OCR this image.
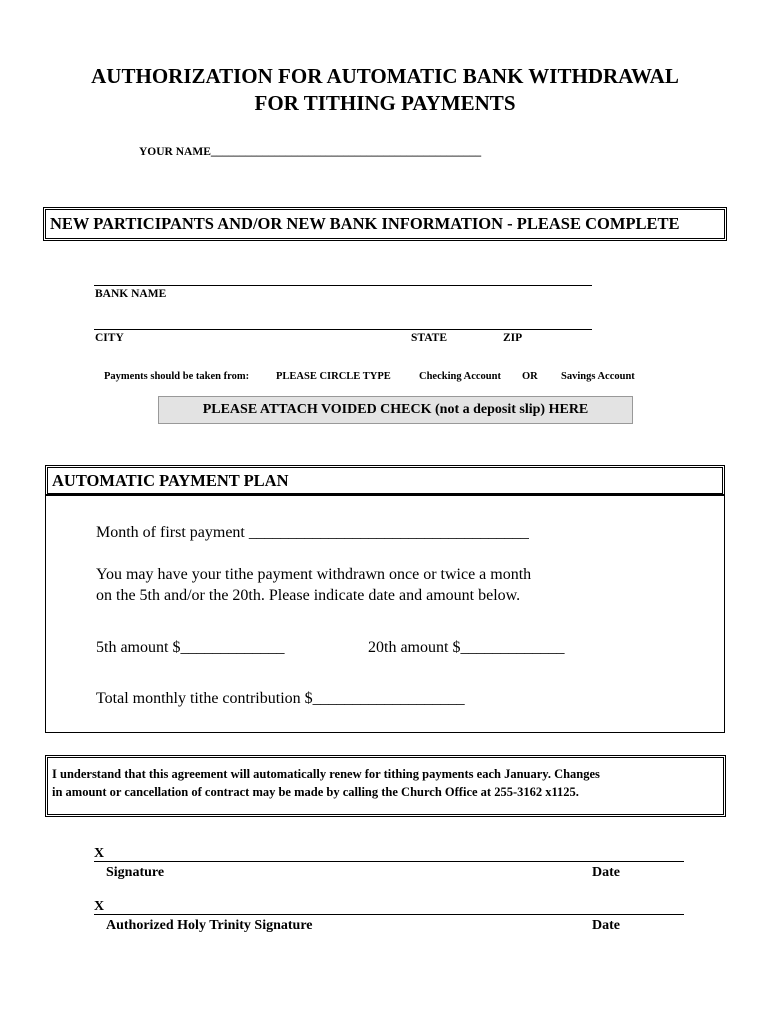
AUTHORIZATION FOR AUTOMATIC BANK WITHDRAWAL
FOR TITHING PAYMENTS
YOUR NAME_______________________________________________
NEW PARTICIPANTS AND/OR NEW BANK INFORMATION - PLEASE COMPLETE
BANK NAME
CITY	STATE	ZIP
Payments should be taken from:	PLEASE CIRCLE TYPE	Checking Account OR Savings Account
PLEASE ATTACH VOIDED CHECK (not a deposit slip) HERE
AUTOMATIC PAYMENT PLAN
Month of first payment ___________________________________
You may have your tithe payment withdrawn once or twice a month
on the 5th and/or the 20th. Please indicate date and amount below.
5th amount $_____________	20th amount $_____________
Total monthly tithe contribution $___________________
I understand that this agreement will automatically renew for tithing payments each January. Changes
in amount or cancellation of contract may be made by calling the Church Office at 255-3162 x1125.
X
Signature	Date
X
Authorized Holy Trinity Signature	Date
